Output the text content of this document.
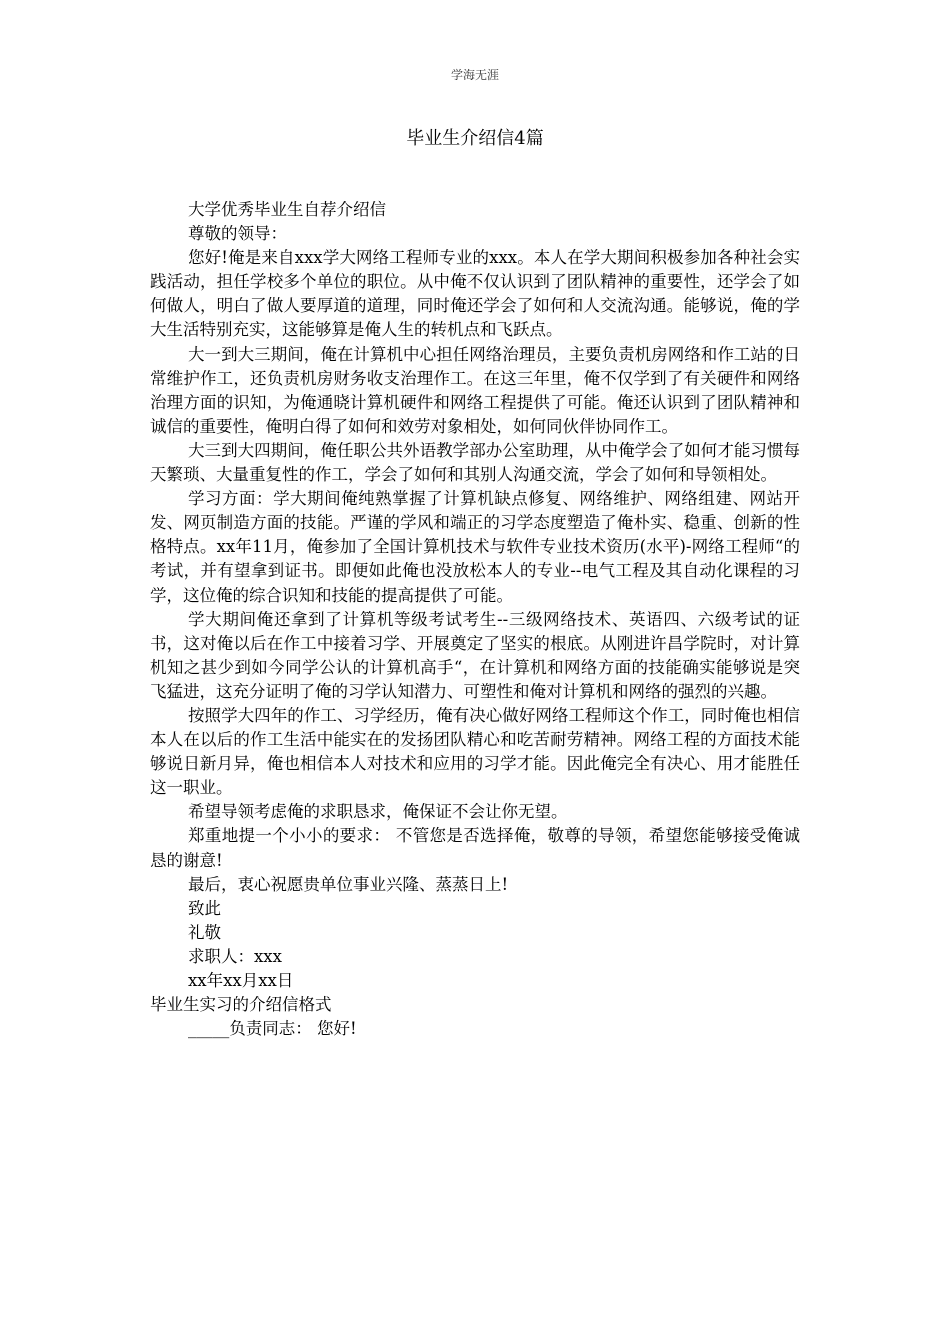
学海无涯
毕业生介绍信4篇

大学优秀毕业生自荐介绍信

尊敬的领导：

您好!俺是来自xxx学大网络工程师专业的xxx。本人在学大期间积极参加各种社会实践活动，担任学校多个单位的职位。从中俺不仅认识到了团队精神的重要性，还学会了如何做人，明白了做人要厚道的道理，同时俺还学会了如何和人交流沟通。能够说，俺的学大生活特别充实，这能够算是俺人生的转机点和飞跃点。

大一到大三期间，俺在计算机中心担任网络治理员，主要负责机房网络和作工站的日常维护作工，还负责机房财务收支治理作工。在这三年里，俺不仅学到了有关硬件和网络治理方面的识知，为俺通晓计算机硬件和网络工程提供了可能。俺还认识到了团队精神和诚信的重要性，俺明白得了如何和效劳对象相处，如何同伙伴协同作工。

大三到大四期间，俺任职公共外语教学部办公室助理，从中俺学会了如何才能习惯每天繁琐、大量重复性的作工，学会了如何和其别人沟通交流，学会了如何和导领相处。

学习方面：学大期间俺纯熟掌握了计算机缺点修复、网络维护、网络组建、网站开发、网页制造方面的技能。严谨的学风和端正的习学态度塑造了俺朴实、稳重、创新的性格特点。xx年11月，俺参加了全国计算机技术与软件专业技术资历(水平)-网络工程师“的考试，并有望拿到证书。即便如此俺也没放松本人的专业--电气工程及其自动化课程的习学，这位俺的综合识知和技能的提高提供了可能。

学大期间俺还拿到了计算机等级考试考生--三级网络技术、英语四、六级考试的证书，这对俺以后在作工中接着习学、开展奠定了坚实的根底。从刚进许昌学院时，对计算机知之甚少到如今同学公认的计算机高手“，在计算机和网络方面的技能确实能够说是突飞猛进，这充分证明了俺的习学认知潜力、可塑性和俺对计算机和网络的强烈的兴趣。

按照学大四年的作工、习学经历，俺有决心做好网络工程师这个作工，同时俺也相信本人在以后的作工生活中能实在的发扬团队精心和吃苦耐劳精神。网络工程的方面技术能够说日新月异，俺也相信本人对技术和应用的习学才能。因此俺完全有决心、用才能胜任这一职业。

希望导领考虑俺的求职恳求，俺保证不会让你无望。

郑重地提一个小小的要求： 不管您是否选择俺，敬尊的导领，希望您能够接受俺诚恳的谢意!

最后，衷心祝愿贵单位事业兴隆、蒸蒸日上!

致此

礼敬

求职人：xxx

xx年xx月xx日

毕业生实习的介绍信格式

_____负责同志： 您好!
